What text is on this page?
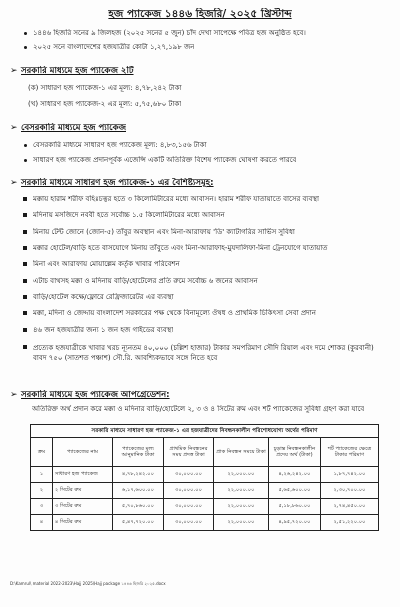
হজ প্যাকেজ ১৪৪৬ হিজরি/ ২০২৫ খ্রিস্টাব্দ
১৪৪৬ হিজরি সনের ৯ জিলহজ (২০২৫ সনের ৫ জুন) চাঁদ দেখা সাপেক্ষে পবিত্র হজ অনুষ্ঠিত হবে।
২০২৫ সনে বাংলাদেশের হজযাত্রীর কোটা ১,২৭,১৯৮ জন
➢ সরকারি মাধ্যমে হজ প্যাকেজ ২টি
(ক) সাধারণ হজ প্যাকেজ-১ এর মূল্য: ৪,৭৮,২৪২ টাকা
(খ) সাধারণ হজ প্যাকেজ-২ এর মূল্য: ৫,৭৫,৬৮০ টাকা
➢ বেসরকারি মাধ্যমে হজ প্যাকেজ
বেসরকারি মাধ্যমে সাধারণ হজ প্যাকেজ মূল্য: ৪,৮৩,১৫৬ টাকা
সাধারণ হজ প্যাকেজ প্রদানপূর্বক এজেন্সি একটি অতিরিক্ত বিশেষ প্যাকেজ ঘোষণা করতে পারবে
➢ সরকারি মাধ্যমে সাধারণ হজ প্যাকেজ-১ এর বৈশিষ্ট্যসমূহ:
মক্কায় হারাম শরীফ বহিঃচত্বর হতে ৩ কিলোমিটারের মধ্যে আবাসন। হারাম শরীফ যাতায়াতে বাসের ব্যবস্থা
মদিনায় মসজিদে নববী হতে সর্বোচ্চ ১.৫ কিলোমিটারের মধ্যে আবাসন
মিনায় টেন্ট জোনে (জোন-৫) তাঁবুর অবস্থান এবং মিনা-আরাফায় 'ডি' ক্যাটাগরির সার্ভিস সুবিধা
মক্কার হোটেল/বাড়ি হতে বাসযোগে মিনায় তাঁবুতে এবং মিনা-আরাফাহ-মুযদালিফা-মিনা ট্রেনযোগে যাতায়াত
মিনা এবং আরাফায় মোয়াল্লেম কর্তৃক খাবার পরিবেশন
এটাচ বাথসহ মক্কা ও মদিনায় বাড়ি/হোটেলের প্রতি রুমে সর্বোচ্চ ৬ জনের আবাসন
বাড়ি/হোটেল কক্ষে/ফ্লোরে রেফ্রিজারেটর এর ব্যবস্থা
মক্কা, মদিনা ও জেদ্দায় বাংলাদেশ সরকারের পক্ষ থেকে বিনামূল্যে ঔষধ ও প্রাথমিক চিকিৎসা সেবা প্রদান
৪৬ জন হজযাত্রীর জন্য ১ জন হজ গাইডের ব্যবস্থা
প্রত্যেক হজযাত্রীকে খাবার খরচ ন্যূনতম ৪০,০০০ (চল্লিশ হাজার) টাকার সমপরিমাণ সৌদি রিয়াল এবং দমে শোকর (কুরবানী) বাবদ ৭৫০ (সাতশত পঞ্চাশ) সৌ.রি. আবশ্যিকভাবে সঙ্গে নিতে হবে
➢ সরকারি মাধ্যমে হজ প্যাকেজ আপগ্রেডেশন:
অতিরিক্ত অর্থ প্রদান করে মক্কা ও মদিনার বাড়ি/হোটেলে ২, ৩ ও ৪ সিটের রুম এবং শর্ট প্যাকেজের সুবিধা গ্রহণ করা যাবে
সরকারি মাধ্যমে সাধারণ হজ প্যাকেজ-১ এর হজযাত্রীদের নিবন্ধনকালীন পরিশোধযোগ্য অর্থের পরিমাণ						
ক্রম	প্যাকেজের নাম	প্যাকেজের মূল্য আনুমানিক টাকা	প্রাথমিক নিবন্ধনের সময় প্রদত্ত টাকা	প্রাক নিবন্ধন সময়ে টাকা	চূড়ান্ত নিবন্ধনকালীন প্রদেয় অর্থ (টাকা)	শর্ট প্যাকেজের ক্ষেত্রে টাকার পরিমাণ
১	সাধারণ হজ প্যাকেজ	৪,৭৮,২৪২.০০	৩০,০০০.০০	২২,০০০.০০	৪,২৬,২৪২.০০	১,৮৭,৭৪২.০০
২	২ সিটের রুম	৬,১৭,৬০০.০০	৩০,০০০.০০	২২,০০০.০০	৫,৬৫,৬০০.০০	২,৩০,৭০০.০০
৩	৩ সিটের রুম	৫,৭০,৮৬০.০০	৩০,০০০.০০	২২,০০০.০০	৫,১৮,৮৬০.০০	২,৭৪,৪৫০.০০
৪	৪ সিটের রুম	৫,৪৭,৭২০.০০	৩০,০০০.০০	২২,০০০.০০	৪,৯৫,৭২০.০০	২,৫১,২২০.০০
D:\Kamrul\ material 2022-2023\Hajj 2025\Hajj package ১৪৪৬ হিজরি ২০২৫.docx
